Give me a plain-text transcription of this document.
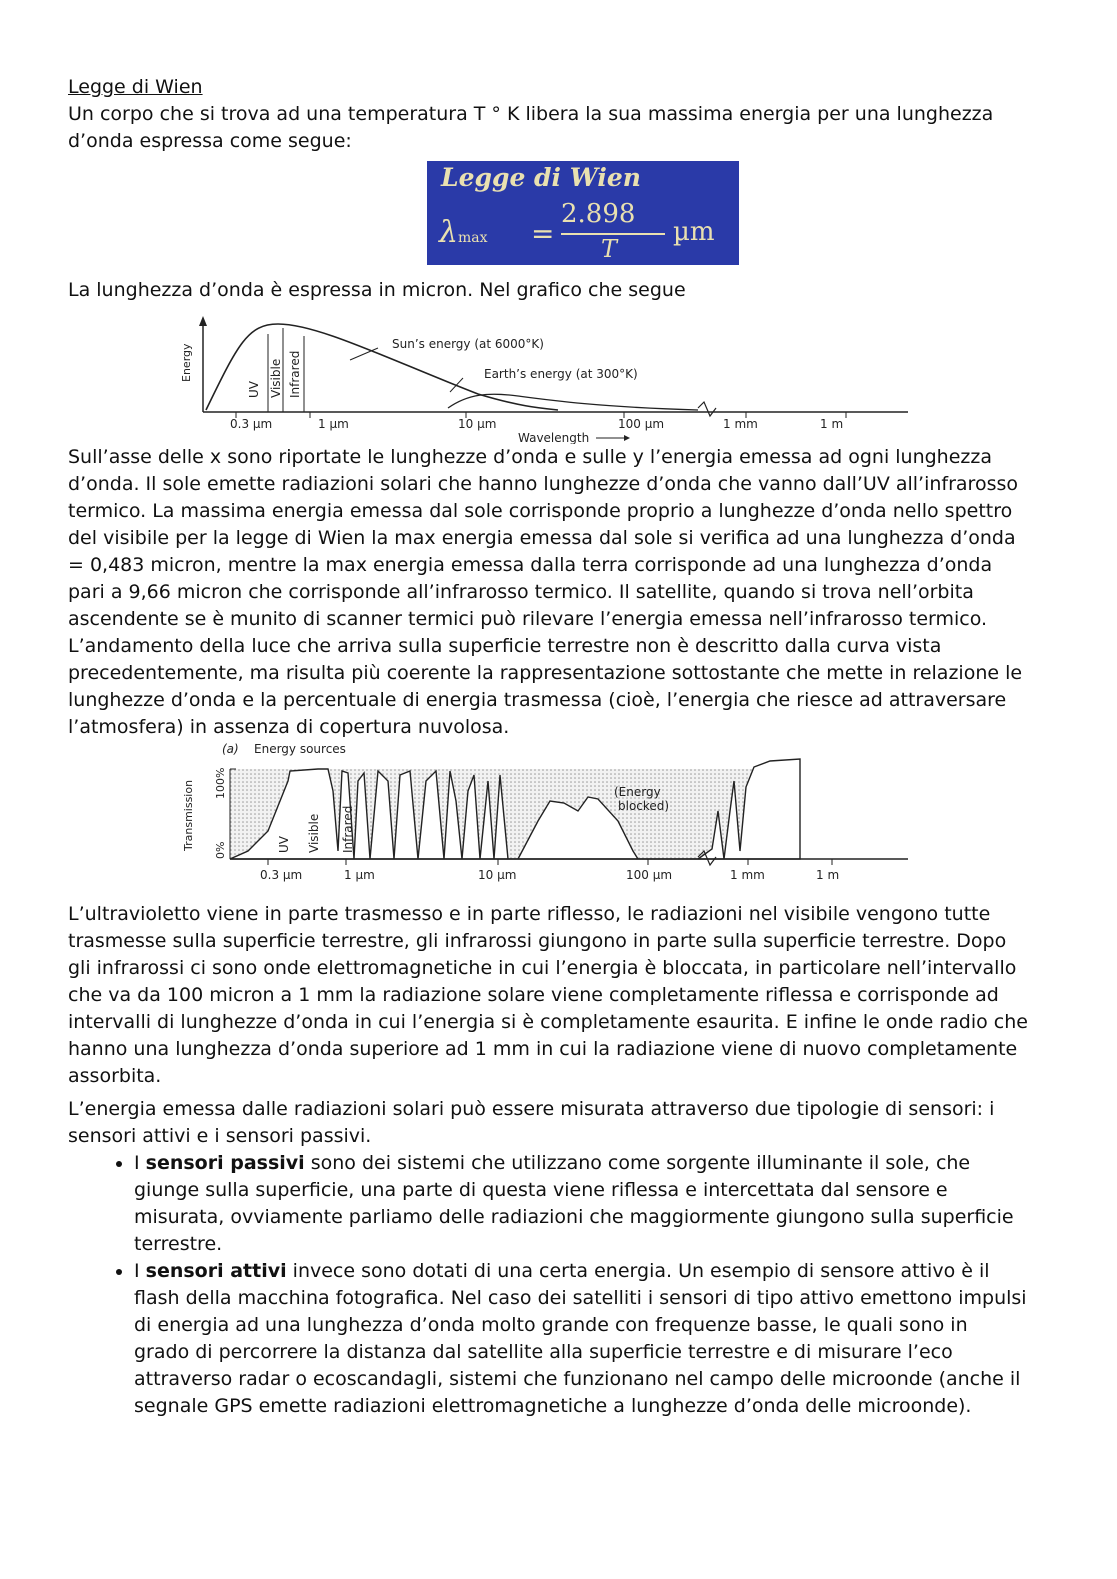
Legge di Wien

Un corpo che si trova ad una temperatura T ° K libera la sua massima energia per una lunghezza d’onda espressa come segue:

Legge di Wien
λmax =
2.898
T
µm

La lunghezza d’onda è espressa in micron. Nel grafico che segue

Energy
UV Visible Infrared
Sun’s energy (at 6000°K)
Earth’s energy (at 300°K)
0.3 µm	1 µm	10 µm	100 µm	1 mm	1 m
Wavelength

Sull’asse delle x sono riportate le lunghezze d’onda e sulle y l’energia emessa ad ogni lunghezza d’onda. Il sole emette radiazioni solari che hanno lunghezze d’onda che vanno dall’UV all’infrarosso termico. La massima energia emessa dal sole corrisponde proprio a lunghezze d’onda nello spettro del visibile per la legge di Wien la max energia emessa dal sole si verifica ad una lunghezza d’onda = 0,483 micron, mentre la max energia emessa dalla terra corrisponde ad una lunghezza d’onda pari a 9,66 micron che corrisponde all’infrarosso termico. Il satellite, quando si trova nell’orbita ascendente se è munito di scanner termici può rilevare l’energia emessa nell’infrarosso termico.

L’andamento della luce che arriva sulla superficie terrestre non è descritto dalla curva vista precedentemente, ma risulta più coerente la rappresentazione sottostante che mette in relazione le lunghezze d’onda e la percentuale di energia trasmessa (cioè, l’energia che riesce ad attraversare l’atmosfera) in assenza di copertura nuvolosa.

(a) Energy sources
Transmission 100%
0%	UV Visible Infrared
(Energy
blocked)
0.3 µm	1 µm	10 µm	100 µm	1 mm	1 m

L’ultravioletto viene in parte trasmesso e in parte riflesso, le radiazioni nel visibile vengono tutte trasmesse sulla superficie terrestre, gli infrarossi giungono in parte sulla superficie terrestre. Dopo gli infrarossi ci sono onde elettromagnetiche in cui l’energia è bloccata, in particolare nell’intervallo che va da 100 micron a 1 mm la radiazione solare viene completamente riflessa e corrisponde ad intervalli di lunghezze d’onda in cui l’energia si è completamente esaurita. E infine le onde radio che hanno una lunghezza d’onda superiore ad 1 mm in cui la radiazione viene di nuovo completamente assorbita.

L’energia emessa dalle radiazioni solari può essere misurata attraverso due tipologie di sensori: i sensori attivi e i sensori passivi.

• I sensori passivi sono dei sistemi che utilizzano come sorgente illuminante il sole, che giunge sulla superficie, una parte di questa viene riflessa e intercettata dal sensore e misurata, ovviamente parliamo delle radiazioni che maggiormente giungono sulla superficie terrestre.
• I sensori attivi invece sono dotati di una certa energia. Un esempio di sensore attivo è il flash della macchina fotografica. Nel caso dei satelliti i sensori di tipo attivo emettono impulsi di energia ad una lunghezza d’onda molto grande con frequenze basse, le quali sono in grado di percorrere la distanza dal satellite alla superficie terrestre e di misurare l’eco attraverso radar o ecoscandagli, sistemi che funzionano nel campo delle microonde (anche il segnale GPS emette radiazioni elettromagnetiche a lunghezze d’onda delle microonde).
